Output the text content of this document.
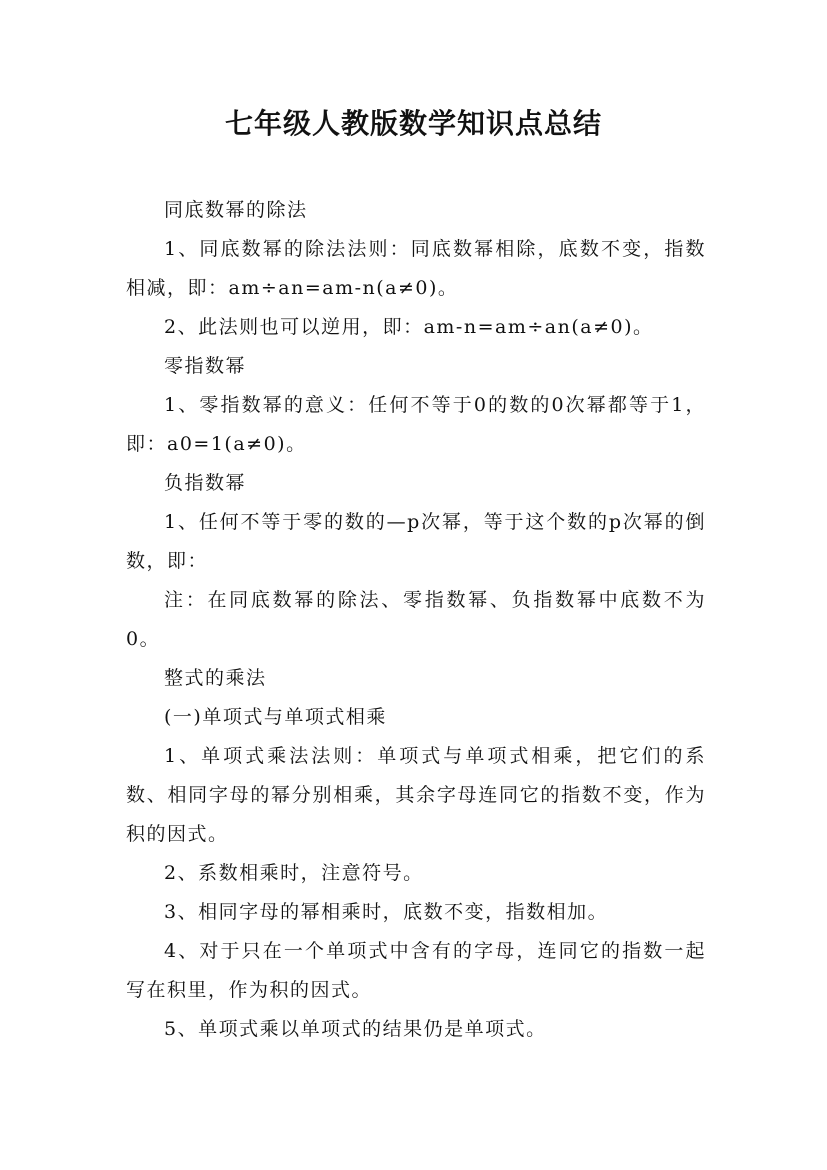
七年级人教版数学知识点总结

同底数幂的除法

1、同底数幂的除法法则：同底数幂相除，底数不变，指数相减，即：am÷an=am-n(a≠0)。

2、此法则也可以逆用，即：am-n=am÷an(a≠0)。

零指数幂

1、零指数幂的意义：任何不等于0的数的0次幂都等于1，即：a0=1(a≠0)。

负指数幂

1、任何不等于零的数的—p次幂，等于这个数的p次幂的倒数，即：

注：在同底数幂的除法、零指数幂、负指数幂中底数不为0。

整式的乘法

(一)单项式与单项式相乘

1、单项式乘法法则：单项式与单项式相乘，把它们的系数、相同字母的幂分别相乘，其余字母连同它的指数不变，作为积的因式。

2、系数相乘时，注意符号。

3、相同字母的幂相乘时，底数不变，指数相加。

4、对于只在一个单项式中含有的字母，连同它的指数一起写在积里，作为积的因式。

5、单项式乘以单项式的结果仍是单项式。
